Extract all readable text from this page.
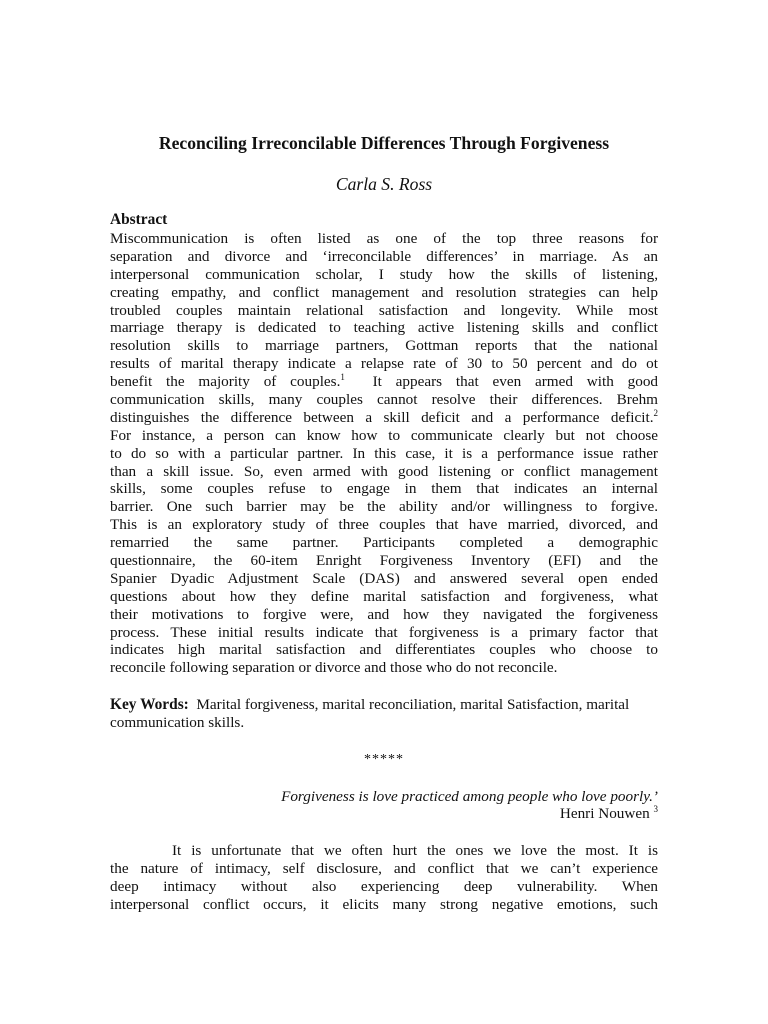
Reconciling Irreconcilable Differences Through Forgiveness
Carla S. Ross
Abstract
Miscommunication is often listed as one of the top three reasons for
separation and divorce and ‘irreconcilable differences’ in marriage. As an
interpersonal communication scholar, I study how the skills of listening,
creating empathy, and conflict management and resolution strategies can help
troubled couples maintain relational satisfaction and longevity. While most
marriage therapy is dedicated to teaching active listening skills and conflict
resolution skills to marriage partners, Gottman reports that the national
results of marital therapy indicate a relapse rate of 30 to 50 percent and do ot
benefit the majority of couples.$^1$ It appears that even armed with good
communication skills, many couples cannot resolve their differences. Brehm
distinguishes the difference between a skill deficit and a performance deficit.$^2$
For instance, a person can know how to communicate clearly but not choose
to do so with a particular partner. In this case, it is a performance issue rather
than a skill issue. So, even armed with good listening or conflict management
skills, some couples refuse to engage in them that indicates an internal
barrier. One such barrier may be the ability and/or willingness to forgive.
This is an exploratory study of three couples that have married, divorced, and
remarried the same partner. Participants completed a demographic
questionnaire, the 60-item Enright Forgiveness Inventory (EFI) and the
Spanier Dyadic Adjustment Scale (DAS) and answered several open ended
questions about how they define marital satisfaction and forgiveness, what
their motivations to forgive were, and how they navigated the forgiveness
process. These initial results indicate that forgiveness is a primary factor that
indicates high marital satisfaction and differentiates couples who choose to
reconcile following separation or divorce and those who do not reconcile.
Key Words: Marital forgiveness, marital reconciliation, marital Satisfaction, marital communication skills.
*****
Forgiveness is love practiced among people who love poorly.’
Henri Nouwen $^3$
It is unfortunate that we often hurt the ones we love the most. It is
the nature of intimacy, self disclosure, and conflict that we can’t experience
deep intimacy without also experiencing deep vulnerability. When
interpersonal conflict occurs, it elicits many strong negative emotions, such
